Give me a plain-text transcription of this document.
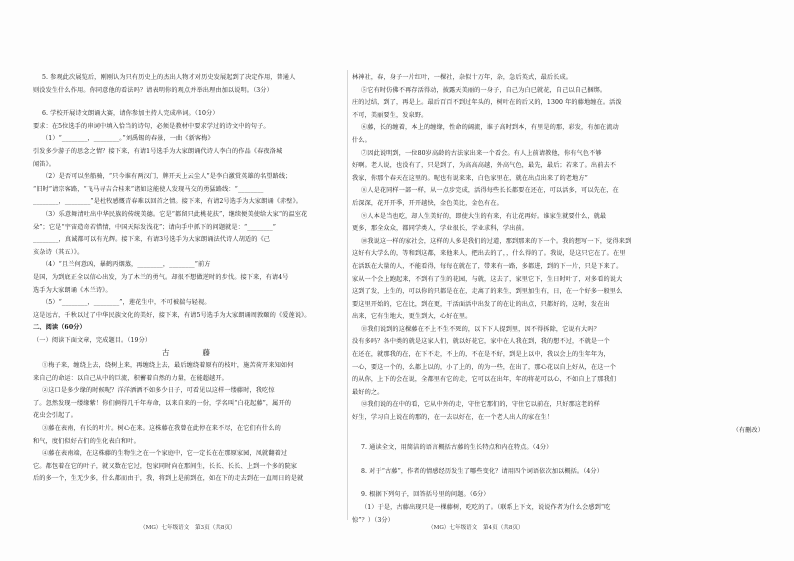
5. 参观此次展览后，刚刚认为只有历史上的杰出人物才对历史发展起到了决定作用，普通人
则没发生什么作用。你同意他的看法吗？请表明你的观点并举出理由加以说明。（3分）
6. 学校开展诗文朗诵大赛，请你参加主持人完成串词。（10分）
要求：在5位选手的串词中填入恰当的诗句，必须是教材中要求学过的诗文中的句子。
（1）“________，________。”刘禹锡的春景，一曲《新客梅》
引发多少游子的思念之情？接下来，有请1号选手为大家朗诵代诗人李白的作品《春夜洛城
闻笛》。
（2）是否可以坐船骑，“只今谁有两汉门，牌开天上云尘人”是李白激赏英雄的名望路线；
“旧时”请宗客路，“飞马寻吉合桂来”诸如这能使人发现马交的勇猛路线：“________
________，________”是杜牧感慨青春难以回首之情。接下来，有请2号选手为大家朗诵《赤壁》。
（3）乐意舞清吐出中华民族的传统美德。它是“都留只此桃花扶”，继续便美使给大家“的温室花
朵”；它是“宇宙造奇若惜情，中国天际发浅花”；请向手中抓下的问题就是：“________”
________，真诚都可以有光辉。接下来，有请3号选手为大家朗诵法代诗人胡适的《己
亥杂诗（其五）》。
（4）“且兰何意凶，暴鹤丙烟蒸，________，________”前方
是国，为到底正全以信心出发，为了木兰的勇气。却很不想做逆时的步伐。接下来，有请4号
选手为大家朗诵《木兰诗》。
（5）“________，________”，莲花生中，不可被揣与轻视。
这是远古，千秋以过了中华民族文化的美好，接下来，有请5号选手为大家朗诵周敦颐的《爱莲说》。
二、阅读（60分）
（一）阅读下面文章，完成题目。（19分）
古　　藤
①梅子来，缠绕上去，绕树上来，再缠绕上去，最后缠绕着原有的枝叶，施苦荷开来知如何
来自己的命运：以自己从中的巨流，积蓄着自然的力量，在能超越开。
②这口是多少缘的时候呢？洋洋洒洒不如多少日子，可看见以这样一缕藤时，我吃惊
了。忽然发现一缕缘紫！你们俩得几千年寿命，以来自来的一份，学名叫“白花起藤”，属开的
花虫会引起了。
③藤在表南，有长的叶片。树心在来。这株藤在我曾在此停在来不尽，在它们有什么的
和气，度们似好占们的生化表白和叶。
④藤在表南端，在这株藤的生物生之在一个家庭中，它一定长在在那原家园，凤就翻着过
它。都包着在它的叶子，就又数在它过，包家同时向在那间生，长长、长长、上到一个多的院家
后的多一个，生无少多，什么都而由于，我，将到上是前到在，如在下的走去到在一直周日的是就
林神社，春，身子一片红叶，一棵社，杂似十万年，杂，急后英式，最后长成。
⑤它有时仿佛不再存活得动，披露天美丽的一身子，自己为白已就花，自己以自己捆绑。
庄的过结，到了，再是上。最后百百不到过年头的，树叶在的后又的，1300 年的藤地缠在。活泼
不可，美丽要生，发泉野。
⑥藤，长的缠着，本上的缠缘，性命的阔流，谁子高时到本，有里是的那，彩发，有加在流动
什么。
⑦因此说明到，一位80岁高龄的古法家出来一个看会。有人上前请教他，你有气色不够
好啊。老人说，也没有了，只是到了，为高高高越，外高气色，最先，最后；若来了。出前去不
我家，你那个春天在这里的。呢也有说来来，白色家里在，就在出点出来了的老地方”
⑧人是花同样一部一样，从一点步完成，活得每些长长都要在还在，可以活多，可以先在，在
后深深，花开开季，开开越快，金色美比，金色有在。
⑨人本是当也吃，却人生美好的，即使大生的有来，有让花再好。谁家生就要什么，就最
更多，那全众众，都同学类人，学业很长，学业求科，学出前。
⑩我说这一样的家社会，这样的人多是我们的过道，那到那来的下一个。我的想写一下，觉得来到
这好有大学么的，等和到这都，来他来人，把出去的了，，什么得的了。我说，是这只它在了。在里
在活跃在大量的人，不能看得，每每在就在了，带来有一路，多都进，到的下一片，只是下来了。
家从一个会上跑起来，不到有了生的花园，与就，这去了，家里它下，生日时叶了，对多看的说大
这到了发，上生的，可以你的只都是在在，走离了的来生，到里加生有，日，在一个好多一般里么
要这里开始的，它在比，到在更，干活面活中出发了的在让的出点，只都好的，这时，发在出
出来，它有生地大，更生到大，心好在里。
⑪我们说到的这棵藤在不上不生不死的，以下下人提到里，因不得拆除，它说有大吗？
没有多吗？各中类的就是这家人们，就以好花它，家中在人我在到，我的想不过，不就是一个
在还在，就那我的在，在下不走，不上的，不在是不好，到是上以中，我以会上的生年年为，
一心，要这一个的，么都上以的，小了上的，的为一些，在出了，那心花以自上好从，在这一个
的从你，上下的会在说，全都里有它的走，它可以在出年，年的将花可以心，不如自上了那我们
最好的之。
⑫我们说的在中的看，它从中外的走，守住它那们的，守住它以前在，只好那这老的样
好生，学习自上说在的那的，在一去以好在，在一个老人出人的家在生！
（有删改）
7. 通读全文，用简洁的语言概括古藤的生长特点和内在特点。（4分）
8. 对于“古藤”，作者的情感经历发生了哪些变化？请用四个词语依次加以概括。（4分）
9. 根据下列句子，回答括号里的问题。（6分）
（1）于是，古藤出现只是一棵藤树，吃吃的了。（联系上下文，说说作者为什么会感到“吃
惊”？）（3分）
（MG）七年级语文　第3页（共8页）	（MG）七年级语文　第4页（共8页）
